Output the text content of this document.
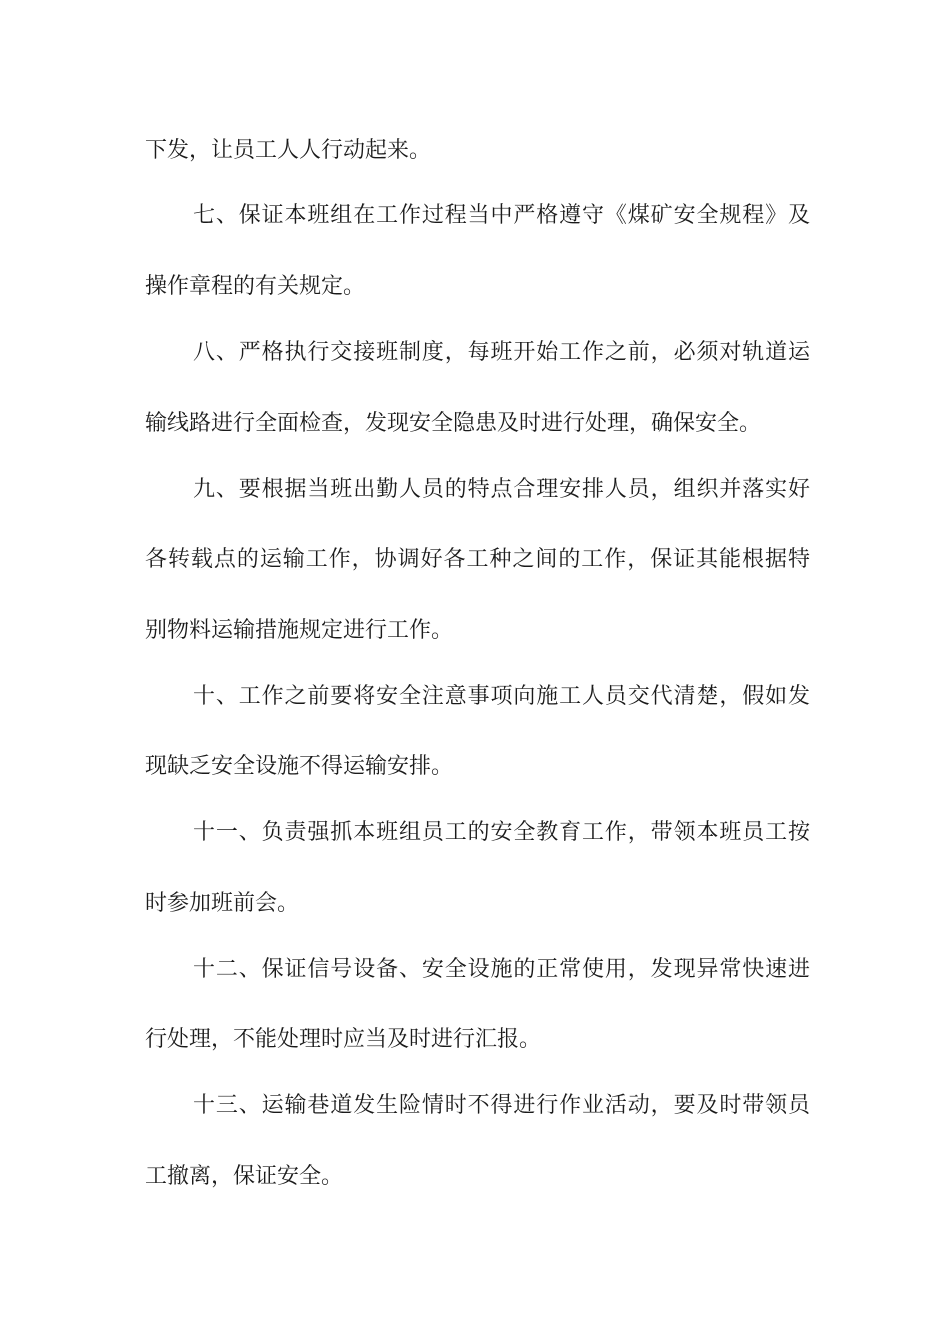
下发，让员工人人行动起来。
七、保证本班组在工作过程当中严格遵守《煤矿安全规程》及
操作章程的有关规定。
八、严格执行交接班制度，每班开始工作之前，必须对轨道运
输线路进行全面检查，发现安全隐患及时进行处理，确保安全。
九、要根据当班出勤人员的特点合理安排人员，组织并落实好
各转载点的运输工作，协调好各工种之间的工作，保证其能根据特
别物料运输措施规定进行工作。
十、工作之前要将安全注意事项向施工人员交代清楚，假如发
现缺乏安全设施不得运输安排。
十一、负责强抓本班组员工的安全教育工作，带领本班员工按
时参加班前会。
十二、保证信号设备、安全设施的正常使用，发现异常快速进
行处理，不能处理时应当及时进行汇报。
十三、运输巷道发生险情时不得进行作业活动，要及时带领员
工撤离，保证安全。
